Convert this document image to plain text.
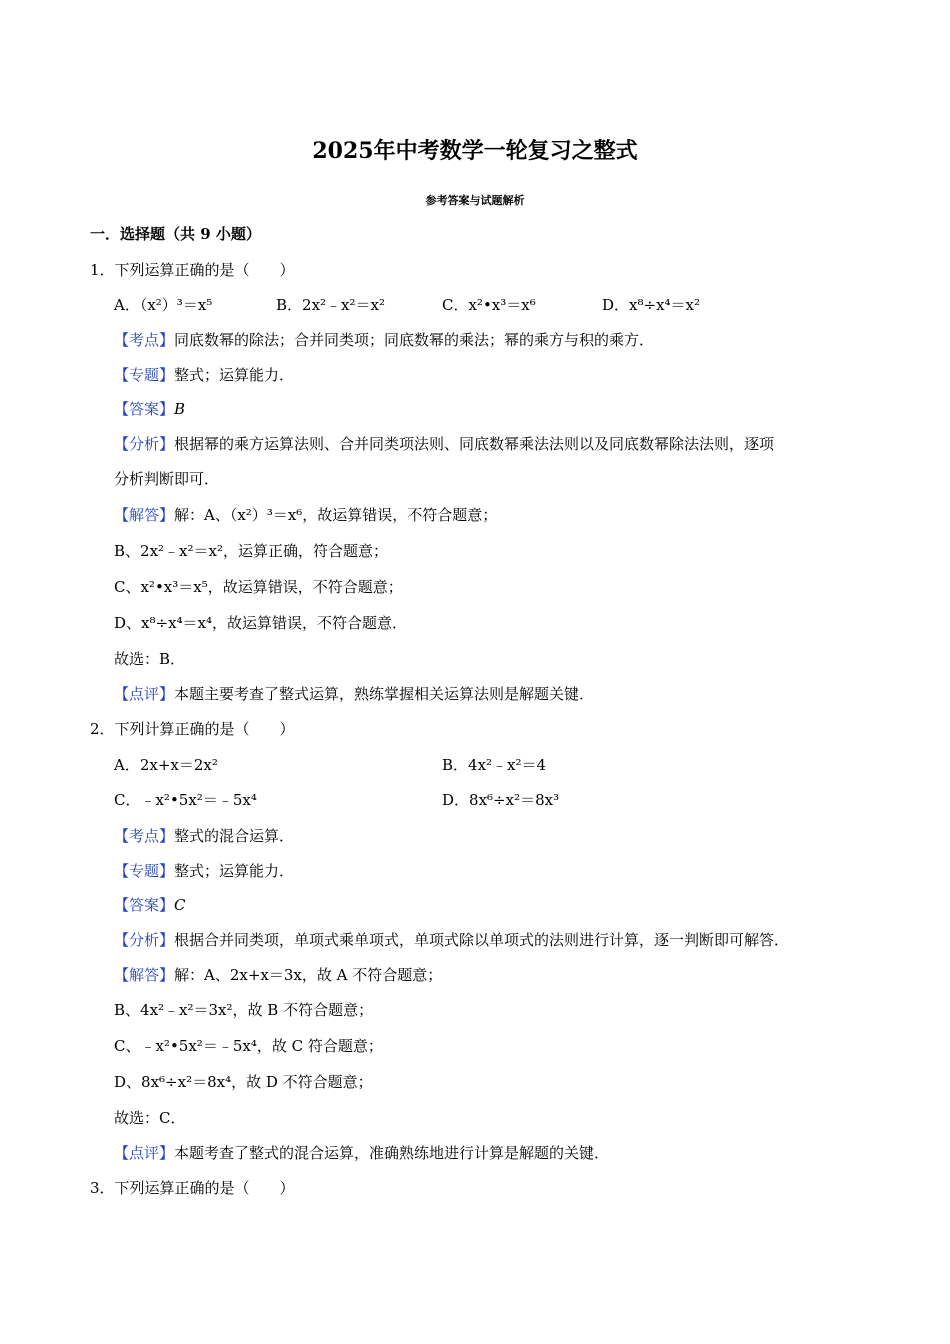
2025年中考数学一轮复习之整式
参考答案与试题解析
一．选择题（共 9 小题）
1．下列运算正确的是（　　）
A．（x²）³＝x⁵	B．2x²﹣x²＝x²	C．x²•x³＝x⁶	D．x⁸÷x⁴＝x²
【考点】同底数幂的除法；合并同类项；同底数幂的乘法；幂的乘方与积的乘方．
【专题】整式；运算能力．
【答案】B
【分析】根据幂的乘方运算法则、合并同类项法则、同底数幂乘法法则以及同底数幂除法法则，逐项
分析判断即可．
【解答】解：A、（x²）³＝x⁶，故运算错误，不符合题意；
B、2x²﹣x²＝x²，运算正确，符合题意；
C、x²•x³＝x⁵，故运算错误，不符合题意；
D、x⁸÷x⁴＝x⁴，故运算错误，不符合题意．
故选：B．
【点评】本题主要考查了整式运算，熟练掌握相关运算法则是解题关键．
2．下列计算正确的是（　　）
A．2x+x＝2x²	B．4x²﹣x²＝4
C．﹣x²•5x²＝﹣5x⁴	D．8x⁶÷x²＝8x³
【考点】整式的混合运算．
【专题】整式；运算能力．
【答案】C
【分析】根据合并同类项，单项式乘单项式，单项式除以单项式的法则进行计算，逐一判断即可解答．
【解答】解：A、2x+x＝3x，故 A 不符合题意；
B、4x²﹣x²＝3x²，故 B 不符合题意；
C、﹣x²•5x²＝﹣5x⁴，故 C 符合题意；
D、8x⁶÷x²＝8x⁴，故 D 不符合题意；
故选：C．
【点评】本题考查了整式的混合运算，准确熟练地进行计算是解题的关键．
3．下列运算正确的是（　　）
